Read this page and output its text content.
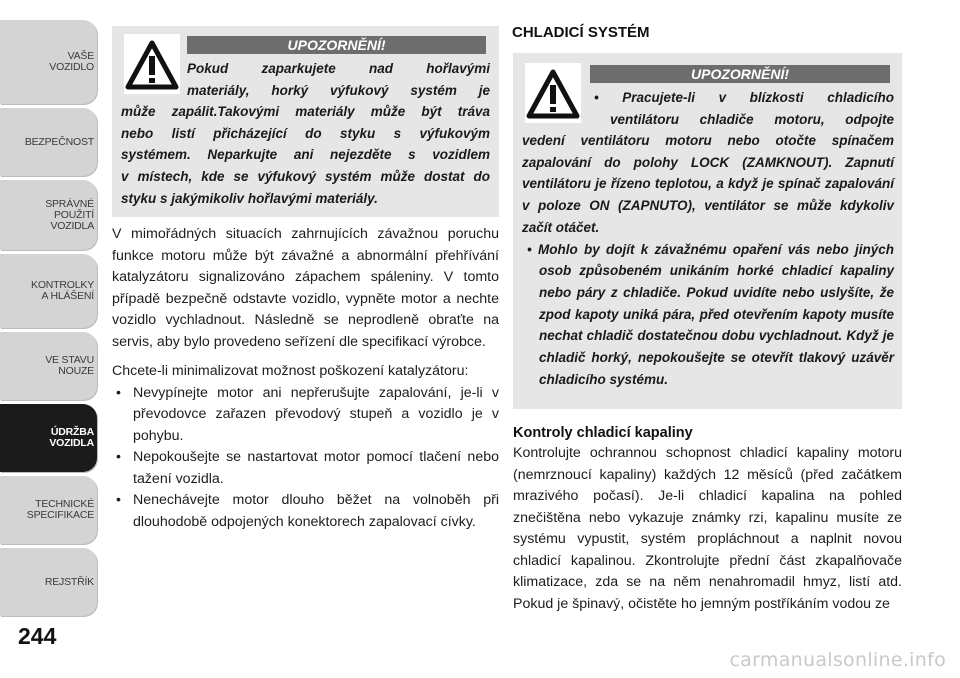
VAŠE
VOZIDLO
BEZPEČNOST
SPRÁVNÉ
POUŽITÍ
VOZIDLA
KONTROLKY
A HLÁŠENÍ
VE STAVU
NOUZE
ÚDRŽBA
VOZIDLA
TECHNICKÉ
SPECIFIKACE
REJSTŘÍK
244
UPOZORNĚNÍ!

Pokud zaparkujete nad hořlavými

materiály, horký výfukový systém je

může zapálit.Takovými materiály může být tráva

nebo listí přicházející do styku s výfukovým

systémem. Neparkujte ani nejezděte s vozidlem

v místech, kde se výfukový systém může dostat do

styku s jakýmikoliv hořlavými materiály.

V mimořádných situacích zahrnujících závažnou poruchu funkce motoru může být závažné a abnormální přehřívání katalyzátoru signalizováno zápachem spáleniny. V tomto případě bezpečně odstavte vozidlo, vypněte motor a nechte vozidlo vychladnout. Následně se neprodleně obraťte na servis, aby bylo provedeno seřízení dle specifikací výrobce.

Chcete-li minimalizovat možnost poškození katalyzátoru:

• Nevypínejte motor ani nepřerušujte zapalování, je-li v převodovce zařazen převodový stupeň a vozidlo je v pohybu.
• Nepokoušejte se nastartovat motor pomocí tlačení nebo tažení vozidla.
• Nenechávejte motor dlouho běžet na volnoběh při dlouhodobě odpojených konektorech zapalovací cívky.
CHLADICÍ SYSTÉM
UPOZORNĚNÍ!

• Pracujete-li v blízkosti chladicího

ventilátoru chladiče motoru, odpojte

vedení ventilátoru motoru nebo otočte spínačem zapalování do polohy LOCK (ZAMKNOUT). Zapnutí ventilátoru je řízeno teplotou, a když je spínač zapalování v poloze ON (ZAPNUTO), ventilátor se může kdykoliv začít otáčet.

• Mohlo by dojít k závažnému opaření vás nebo jiných osob způsobeném unikáním horké chladicí kapaliny nebo páry z chladiče. Pokud uvidíte nebo uslyšíte, že zpod kapoty uniká pára, před otevřením kapoty musíte nechat chladič dostatečnou dobu vychladnout. Když je chladič horký, nepokoušejte se otevřít tlakový uzávěr chladicího systému.

Kontroly chladicí kapaliny

Kontrolujte ochrannou schopnost chladicí kapaliny motoru (nemrznoucí kapaliny) každých 12 měsíců (před začátkem mrazivého počasí). Je-li chladicí kapalina na pohled znečištěna nebo vykazuje známky rzi, kapalinu musíte ze systému vypustit, systém propláchnout a naplnit novou chladicí kapalinou. Zkontrolujte přední část zkapalňovače klimatizace, zda se na něm nenahromadil hmyz, listí atd. Pokud je špinavý, očistěte ho jemným postříkáním vodou ze

carmanualsonline.info
